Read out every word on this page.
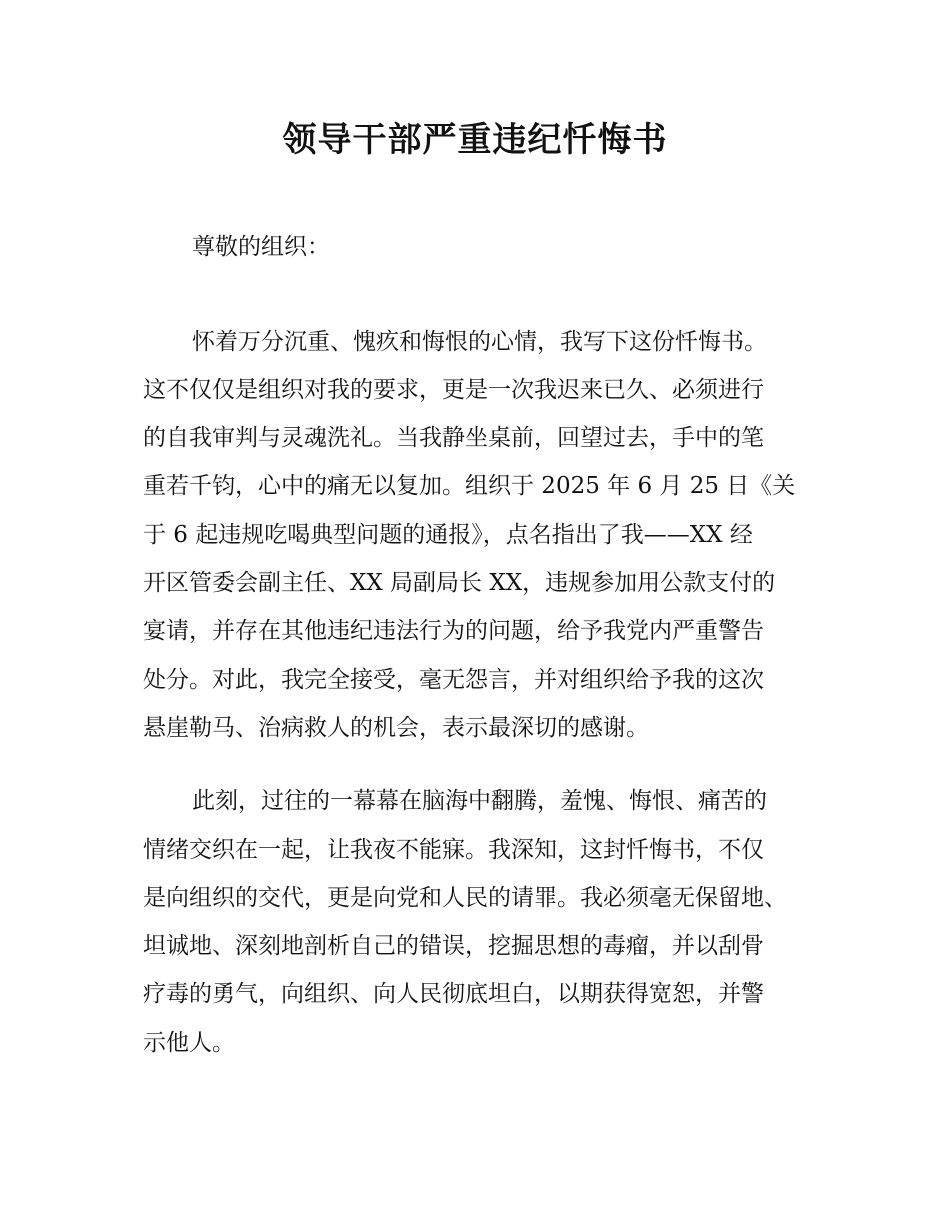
领导干部严重违纪忏悔书

尊敬的组织：

怀着万分沉重、愧疚和悔恨的心情，我写下这份忏悔书。

这不仅仅是组织对我的要求，更是一次我迟来已久、必须进行

的自我审判与灵魂洗礼。当我静坐桌前，回望过去，手中的笔

重若千钧，心中的痛无以复加。组织于 2025 年 6 月 25 日《关

于 6 起违规吃喝典型问题的通报》，点名指出了我——XX 经

开区管委会副主任、XX 局副局长 XX，违规参加用公款支付的

宴请，并存在其他违纪违法行为的问题，给予我党内严重警告

处分。对此，我完全接受，毫无怨言，并对组织给予我的这次

悬崖勒马、治病救人的机会，表示最深切的感谢。

此刻，过往的一幕幕在脑海中翻腾，羞愧、悔恨、痛苦的

情绪交织在一起，让我夜不能寐。我深知，这封忏悔书，不仅

是向组织的交代，更是向党和人民的请罪。我必须毫无保留地、

坦诚地、深刻地剖析自己的错误，挖掘思想的毒瘤，并以刮骨

疗毒的勇气，向组织、向人民彻底坦白，以期获得宽恕，并警

示他人。
